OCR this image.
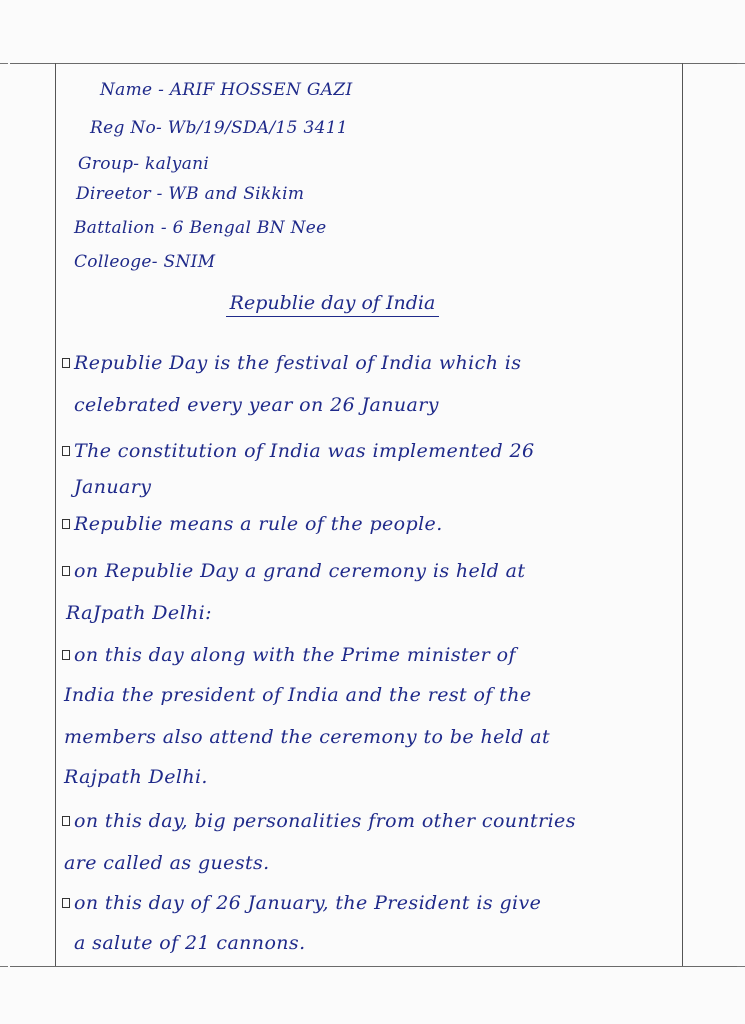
Name - ARIF HOSSEN GAZI
Reg No- Wb/19/SDA/15 3411
Group- kalyani
Direetor - WB and Sikkim
Battalion - 6 Bengal BN Nee
Colleoge- SNIM
Republie day of India
Republie Day is the festival of India which is
celebrated every year on 26 January
The constitution of India was implemented 26
January
Republie means a rule of the people.
on Republie Day a grand ceremony is held at
RaJpath Delhi:
on this day along with the Prime minister of
India the president of India and the rest of the
members also attend the ceremony to be held at
Rajpath Delhi.
on this day, big personalities from other countries
are called as guests.
on this day of 26 January, the President is give
a salute of 21 cannons.
